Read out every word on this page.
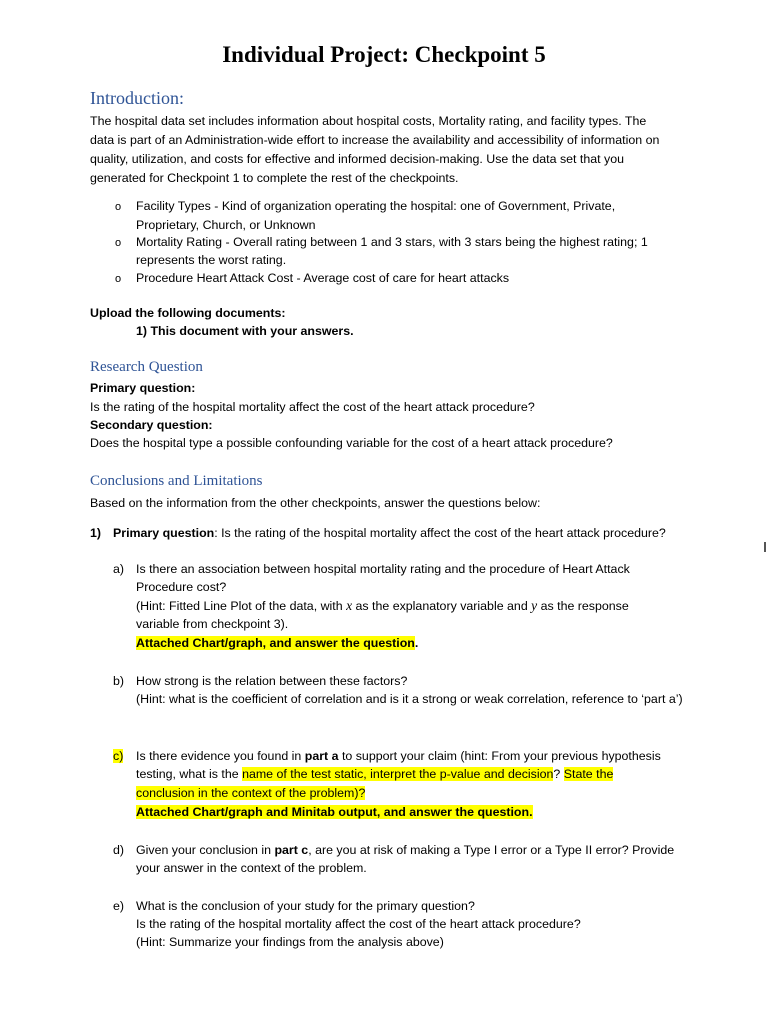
Individual Project: Checkpoint 5
Introduction:
The hospital data set includes information about hospital costs, Mortality rating, and facility types. The
data is part of an Administration-wide effort to increase the availability and accessibility of information on
quality, utilization, and costs for effective and informed decision-making. Use the data set that you
generated for Checkpoint 1 to complete the rest of the checkpoints.
o Facility Types - Kind of organization operating the hospital: one of Government, Private,
Proprietary, Church, or Unknown
o Mortality Rating - Overall rating between 1 and 3 stars, with 3 stars being the highest rating; 1
represents the worst rating.
o Procedure Heart Attack Cost - Average cost of care for heart attacks
Upload the following documents:
1) This document with your answers.
Research Question
Primary question:
Is the rating of the hospital mortality affect the cost of the heart attack procedure?
Secondary question:
Does the hospital type a possible confounding variable for the cost of a heart attack procedure?
Conclusions and Limitations
Based on the information from the other checkpoints, answer the questions below:
1) Primary question: Is the rating of the hospital mortality affect the cost of the heart attack procedure?
a) Is there an association between hospital mortality rating and the procedure of Heart Attack
Procedure cost?
(Hint: Fitted Line Plot of the data, with x as the explanatory variable and y as the response
variable from checkpoint 3).
Attached Chart/graph, and answer the question.
b) How strong is the relation between these factors?
(Hint: what is the coefficient of correlation and is it a strong or weak correlation, reference to ‘part a’)
c) Is there evidence you found in part a to support your claim (hint: From your previous hypothesis
testing, what is the name of the test static, interpret the p-value and decision? State the
conclusion in the context of the problem)?
Attached Chart/graph and Minitab output, and answer the question.
d) Given your conclusion in part c, are you at risk of making a Type I error or a Type II error? Provide
your answer in the context of the problem.
e) What is the conclusion of your study for the primary question?
Is the rating of the hospital mortality affect the cost of the heart attack procedure?
(Hint: Summarize your findings from the analysis above)
